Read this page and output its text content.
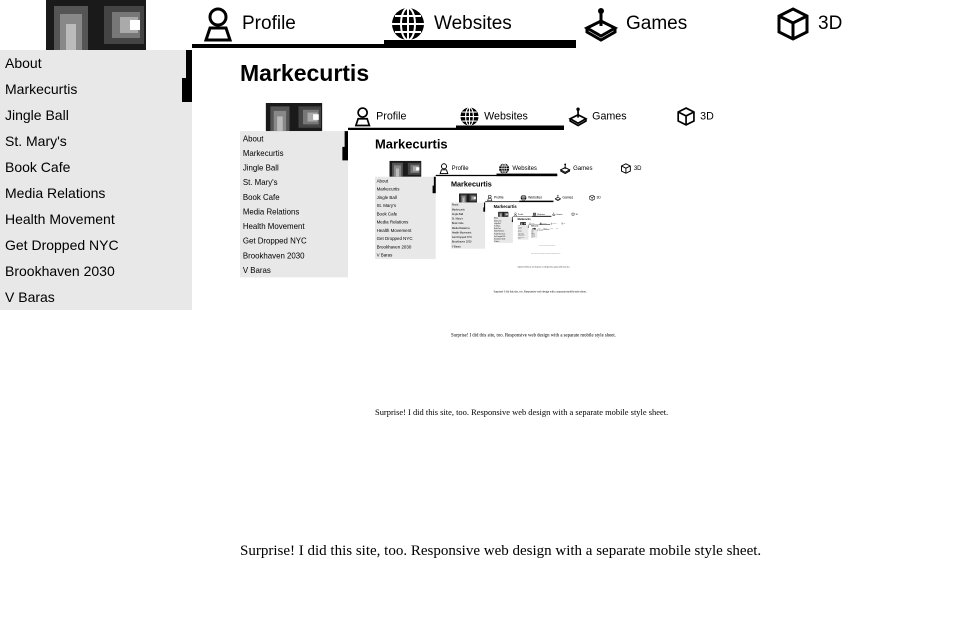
Profile	Websites	Games	3D
About
Markecurtis
Jingle Ball
St. Mary's
Book Cafe
Media Relations
Health Movement
Get Dropped NYC
Brookhaven 2030
V Baras
Markecurtis
Surprise! I did this site, too. Responsive web design with a separate mobile style sheet.
Profile	Websites	Games	3D
About
Markecurtis
Jingle Ball
St. Mary's
Book Cafe
Media Relations
Health Movement
Get Dropped NYC
Brookhaven 2030
V Baras
Markecurtis
Surprise! I did this site, too. Responsive web design with a separate mobile style sheet.
Profile Websites Games 3D
About
Markecurtis
Jingle Ball
St. Mary's
Book Cafe
Media Relations
Health Movement
Get Dropped NYC
Brookhaven 2030
V Baras
Markecurtis
Surprise! I did this site, too. Responsive web design with a separate mobile style sheet.
Profile Websites Games 3D
About
Markecurtis
Jingle Ball
St. Mary's
Book Cafe
Media Relations
Health Movement
Get Dropped NYC
Brookhaven 2030
V Baras
Markecurtis
Surprise! I did this site, too. Responsive web design with a separate mobile style sheet.
Profile Websites Games 3D
About
Markecurtis
Jingle Ball
St. Mary's
Book Cafe
Media Relations
Health Movement
Get Dropped NYC
Brookhaven 2030
V Baras
Markecurtis
Surprise! I did this site, too. Responsive web design with a separate mobile style sheet.
Profile Games 3D
About
Markecurtis
Jingle Ball
St. Mary's
Book Cafe
Media Relations
Health Movement
Get Dropped NYC
Brookhaven 2030
V Baras
Markecurtis
Surprise! I did this site, too. Responsive web design with a separate mobile style sheet.
Games 3D
About
Markecurtis
Jingle Ball
St. Mary's
Book Cafe
Media Relations
Health Movement
Get Dropped NYC
Brookhaven 2030
V Baras
Markecurtis
Surprise! I did this site, too. Responsive web design with a separate mobile style sheet.
